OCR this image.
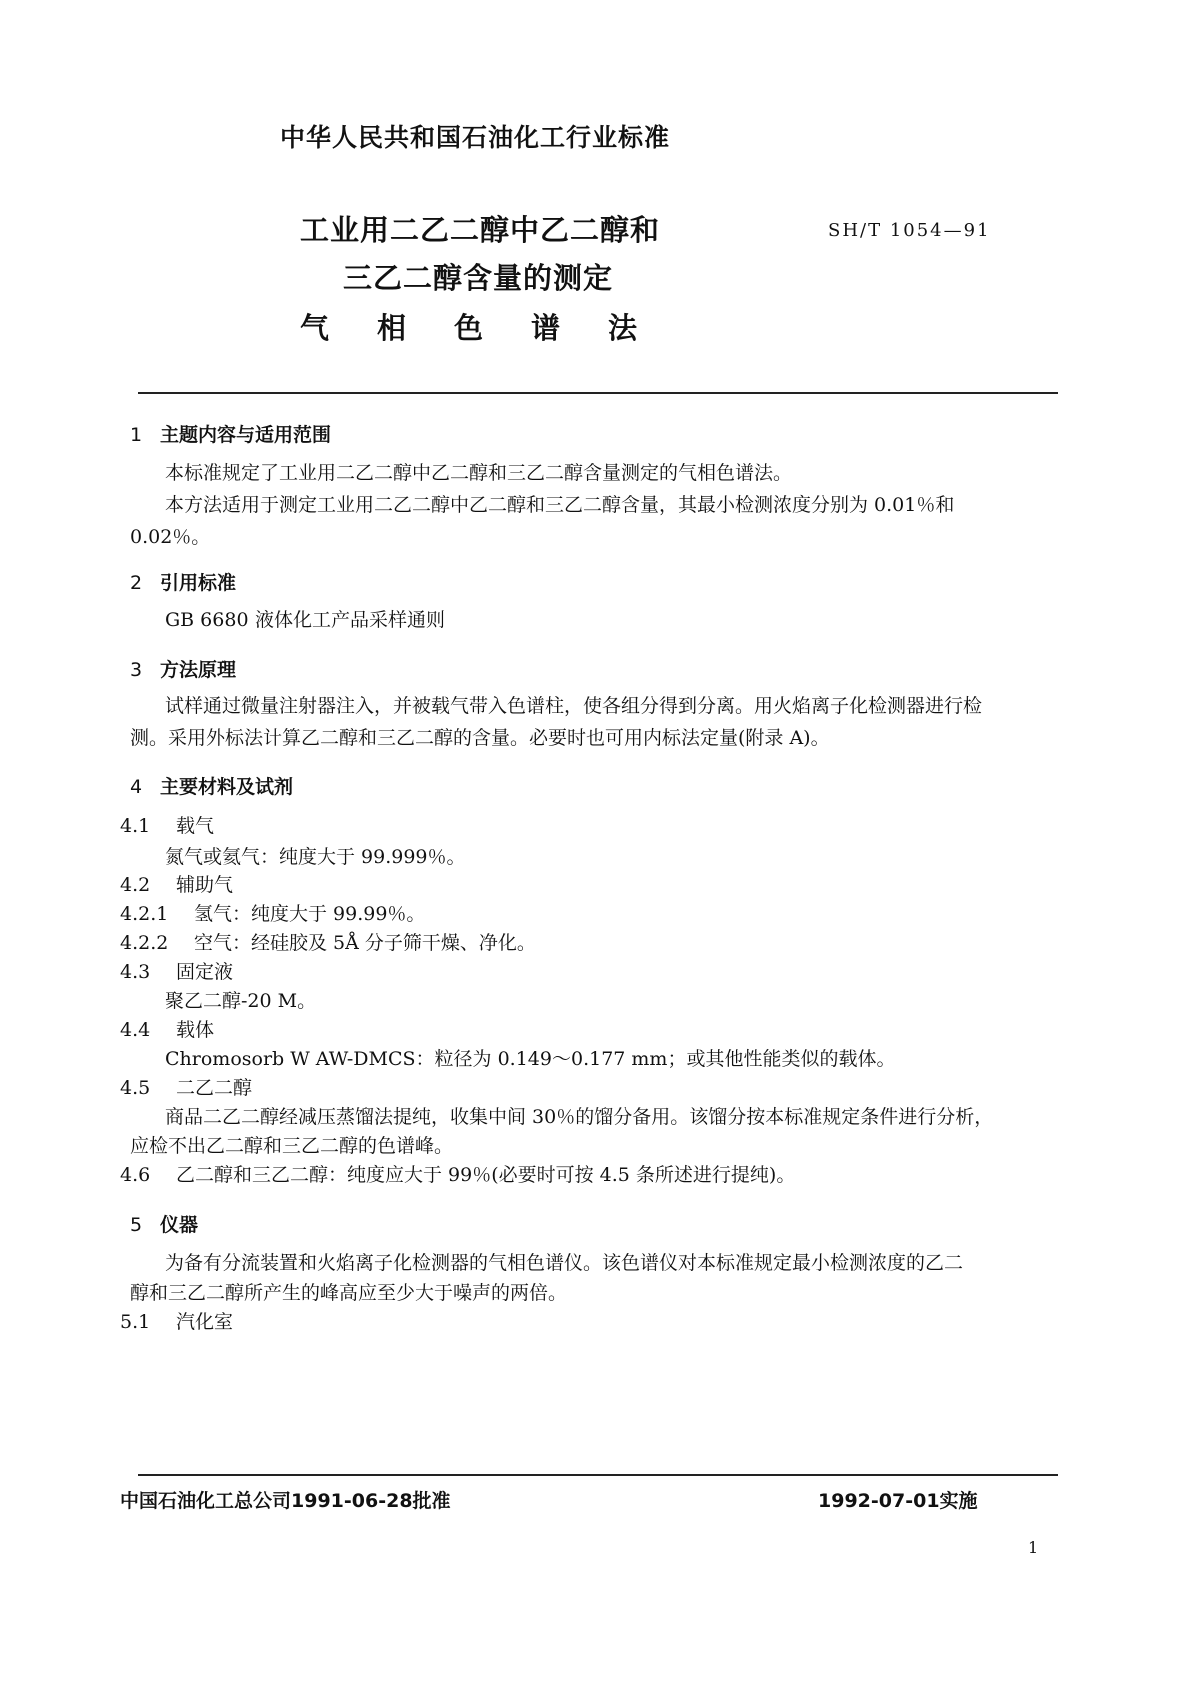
中华人民共和国石油化工行业标准
工业用二乙二醇中乙二醇和
三乙二醇含量的测定
气相色谱法
SH/T 1054—91
1 主题内容与适用范围
本标准规定了工业用二乙二醇中乙二醇和三乙二醇含量测定的气相色谱法。
本方法适用于测定工业用二乙二醇中乙二醇和三乙二醇含量，其最小检测浓度分别为 0.01％和
0.02％。
2 引用标准
GB 6680 液体化工产品采样通则
3 方法原理
试样通过微量注射器注入，并被载气带入色谱柱，使各组分得到分离。用火焰离子化检测器进行检
测。采用外标法计算乙二醇和三乙二醇的含量。必要时也可用内标法定量(附录 A)。
4 主要材料及试剂
4.1 载气
氮气或氦气：纯度大于 99.999％。
4.2 辅助气
4.2.1 氢气：纯度大于 99.99％。
4.2.2 空气：经硅胶及 5Å 分子筛干燥、净化。
4.3 固定液
聚乙二醇-20 M。
4.4 载体
Chromosorb W AW-DMCS：粒径为 0.149～0.177 mm；或其他性能类似的载体。
4.5 二乙二醇
商品二乙二醇经减压蒸馏法提纯，收集中间 30％的馏分备用。该馏分按本标准规定条件进行分析，
应检不出乙二醇和三乙二醇的色谱峰。
4.6 乙二醇和三乙二醇：纯度应大于 99％(必要时可按 4.5 条所述进行提纯)。
5 仪器
为备有分流装置和火焰离子化检测器的气相色谱仪。该色谱仪对本标准规定最小检测浓度的乙二
醇和三乙二醇所产生的峰高应至少大于噪声的两倍。
5.1 汽化室
中国石油化工总公司1991-06-28批准	1992-07-01实施
1
